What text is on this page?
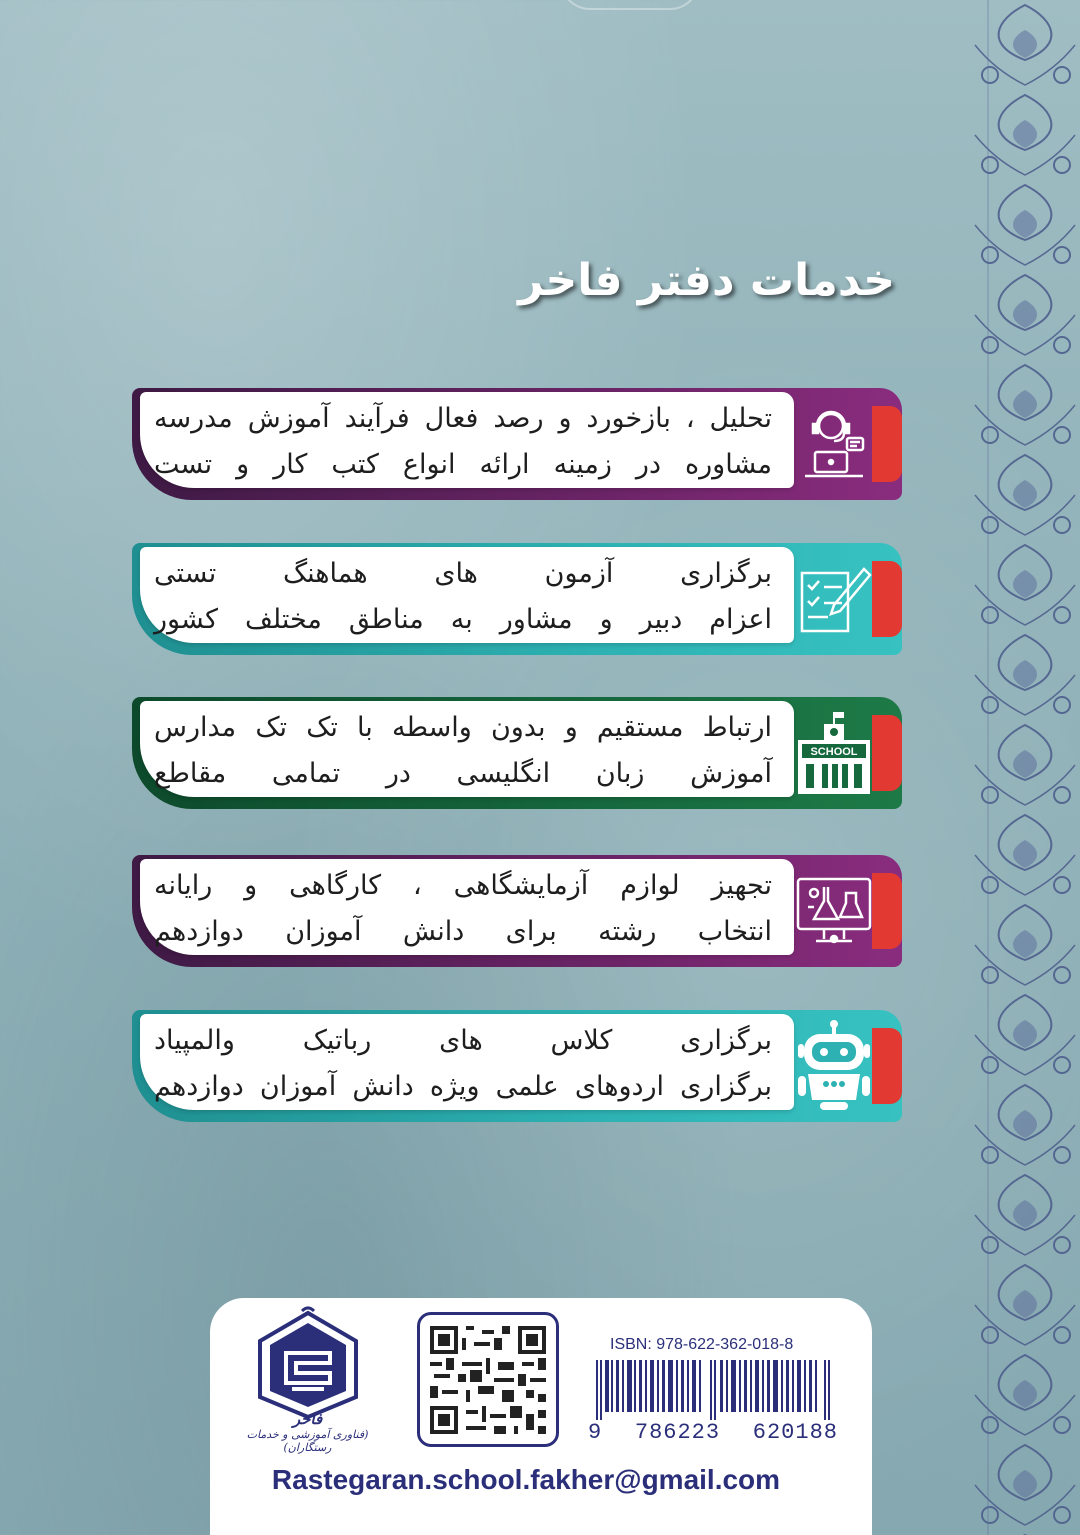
خدمات دفتر فاخر
تحلیل ، بازخورد و رصد فعال فرآیند آموزش مدرسه
مشاوره در زمینه ارائه انواع کتب کار و تست
برگزاری آزمون های هماهنگ تستی
اعزام دبیر و مشاور به مناطق مختلف کشور
SCHOOL
ارتباط مستقیم و بدون واسطه با تک تک مدارس
آموزش زبان انگلیسی در تمامی مقاطع
تجهیز لوازم آزمایشگاهی ، کارگاهی و رایانه
انتخاب رشته برای دانش آموزان دوازدهم
برگزاری کلاس های رباتیک والمپیاد
برگزاری اردوهای علمی ویژه دانش آموزان دوازدهم
فاخر
(فناوری آموزشی و خدمات رستگاران)
ISBN: 978-622-362-018-8
9 786223 620188
Rastegaran.school.fakher@gmail.com
